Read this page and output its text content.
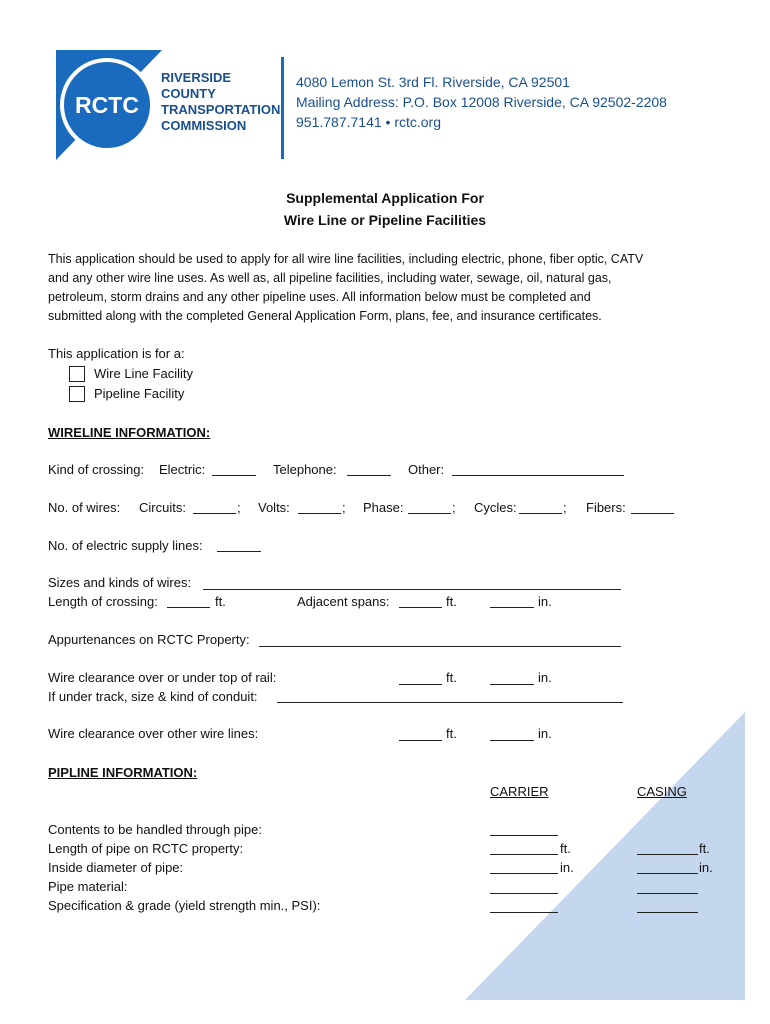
RCTC
RIVERSIDE
COUNTY
TRANSPORTATION
COMMISSION
4080 Lemon St. 3rd Fl. Riverside, CA 92501
Mailing Address: P.O. Box 12008 Riverside, CA 92502-2208
951.787.7141 • rctc.org
Supplemental Application For
Wire Line or Pipeline Facilities
This application should be used to apply for all wire line facilities, including electric, phone, fiber optic, CATV
and any other wire line uses. As well as, all pipeline facilities, including water, sewage, oil, natural gas,
petroleum, storm drains and any other pipeline uses. All information below must be completed and
submitted along with the completed General Application Form, plans, fee, and insurance certificates.
This application is for a:
Wire Line Facility
Pipeline Facility
WIRELINE INFORMATION:
Kind of crossing: Electric:	Telephone:	Other:
No. of wires: Circuits:	; Volts:	; Phase:	; Cycles:	; Fibers:
No. of electric supply lines:
Sizes and kinds of wires:
Length of crossing:	ft.	Adjacent spans:	ft.	in.
Appurtenances on RCTC Property:
Wire clearance over or under top of rail:	ft.	in.
If under track, size & kind of conduit:
Wire clearance over other wire lines:	ft.	in.
PIPLINE INFORMATION:
CARRIER	CASING
Contents to be handled through pipe:
Length of pipe on RCTC property:	ft.	ft.
Inside diameter of pipe:	in.	in.
Pipe material:
Specification & grade (yield strength min., PSI):
